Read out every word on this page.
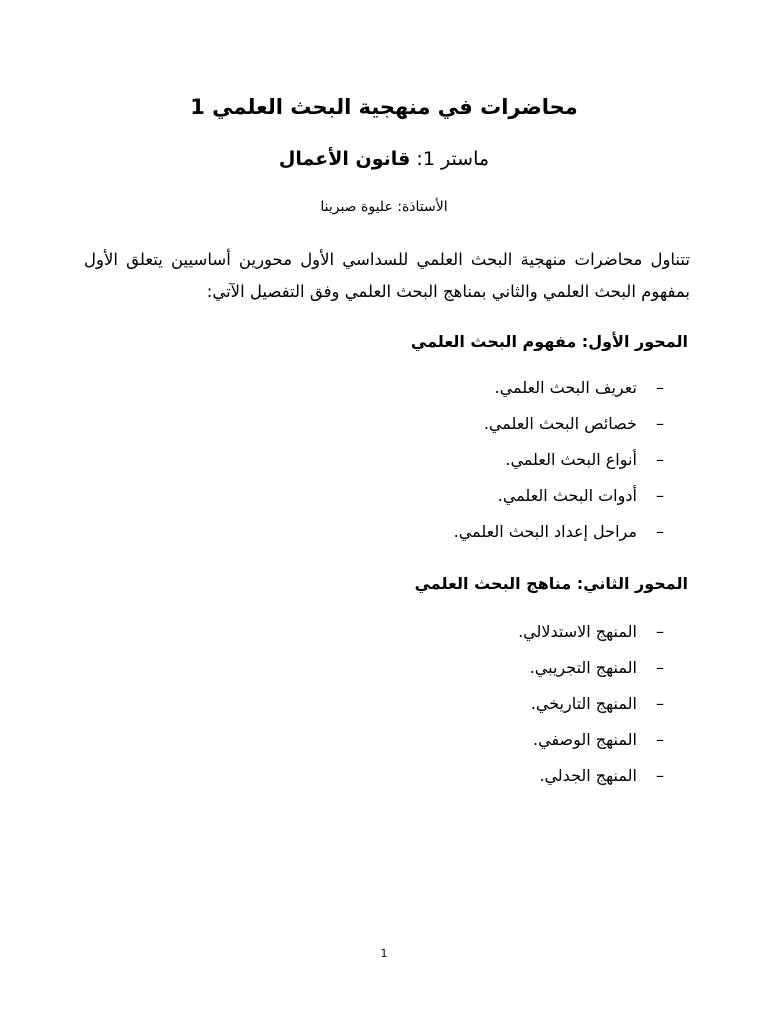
محاضرات في منهجية البحث العلمي 1
ماستر 1: قانون الأعمال
الأستاذة: عليوة صبرينا
تتناول محاضرات منهجية البحث العلمي للسداسي الأول محورين أساسيين يتعلق الأول بمفهوم البحث العلمي والثاني بمناهج البحث العلمي وفق التفصيل الآتي:
المحور الأول: مفهوم البحث العلمي
– تعريف البحث العلمي.
– خصائص البحث العلمي.
– أنواع البحث العلمي.
– أدوات البحث العلمي.
– مراحل إعداد البحث العلمي.
المحور الثاني: مناهج البحث العلمي
– المنهج الاستدلالي.
– المنهج التجريبي.
– المنهج التاريخي.
– المنهج الوصفي.
– المنهج الجدلي.
1
